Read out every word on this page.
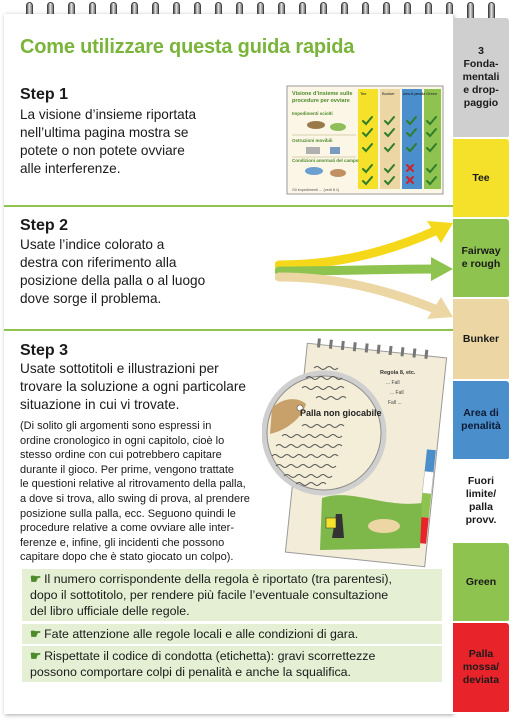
Come utilizzare questa guida rapida
Step 1
La visione d’insieme riportata
nell’ultima pagina mostra se
potete o non potete ovviare
alle interferenze.
Visione d’insieme sulle
procedure per ovviare
Tee	Bunker	Area di penalità Green
Impedimenti sciolti
Ostruzioni movibili
Condizioni anormali del campo
Gli impedimenti ... (vedi 8.1)
Step 2
Usate l’indice colorato a
destra con riferimento alla
posizione della palla o al luogo
dove sorge il problema.
Step 3
Usate sottotitoli e illustrazioni per
trovare la soluzione a ogni particolare
situazione in cui vi trovate.
(Di solito gli argomenti sono espressi in
ordine cronologico in ogni capitolo, cioè lo
stesso ordine con cui potrebbero capitare
durante il gioco. Per prime, vengono trattate
le questioni relative al ritrovamento della palla,
a dove si trova, allo swing di prova, al prendere
posizione sulla palla, ecc. Seguono quindi le
procedure relative a come ovviare alle inter-
ferenze e, infine, gli incidenti che possono
capitare dopo che è stato giocato un colpo).
Regola 8, etc.
... Fall
... Fall
Fall ...
Palla non giocabile
☛ Il numero corrispondente della regola è riportato (tra parentesi),
dopo il sottotitolo, per rendere più facile l’eventuale consultazione
del libro ufficiale delle regole.
☛ Fate attenzione alle regole locali e alle condizioni di gara.
☛ Rispettate il codice di condotta (etichetta): gravi scorrettezze
possono comportare colpi di penalità e anche la squalifica.
3
Fonda-
mentali
e drop-
paggio
Tee
Fairway
e rough
Bunker
Area di
penalità
Fuori
limite/
palla
provv.
Green
Palla
mossa/
deviata
